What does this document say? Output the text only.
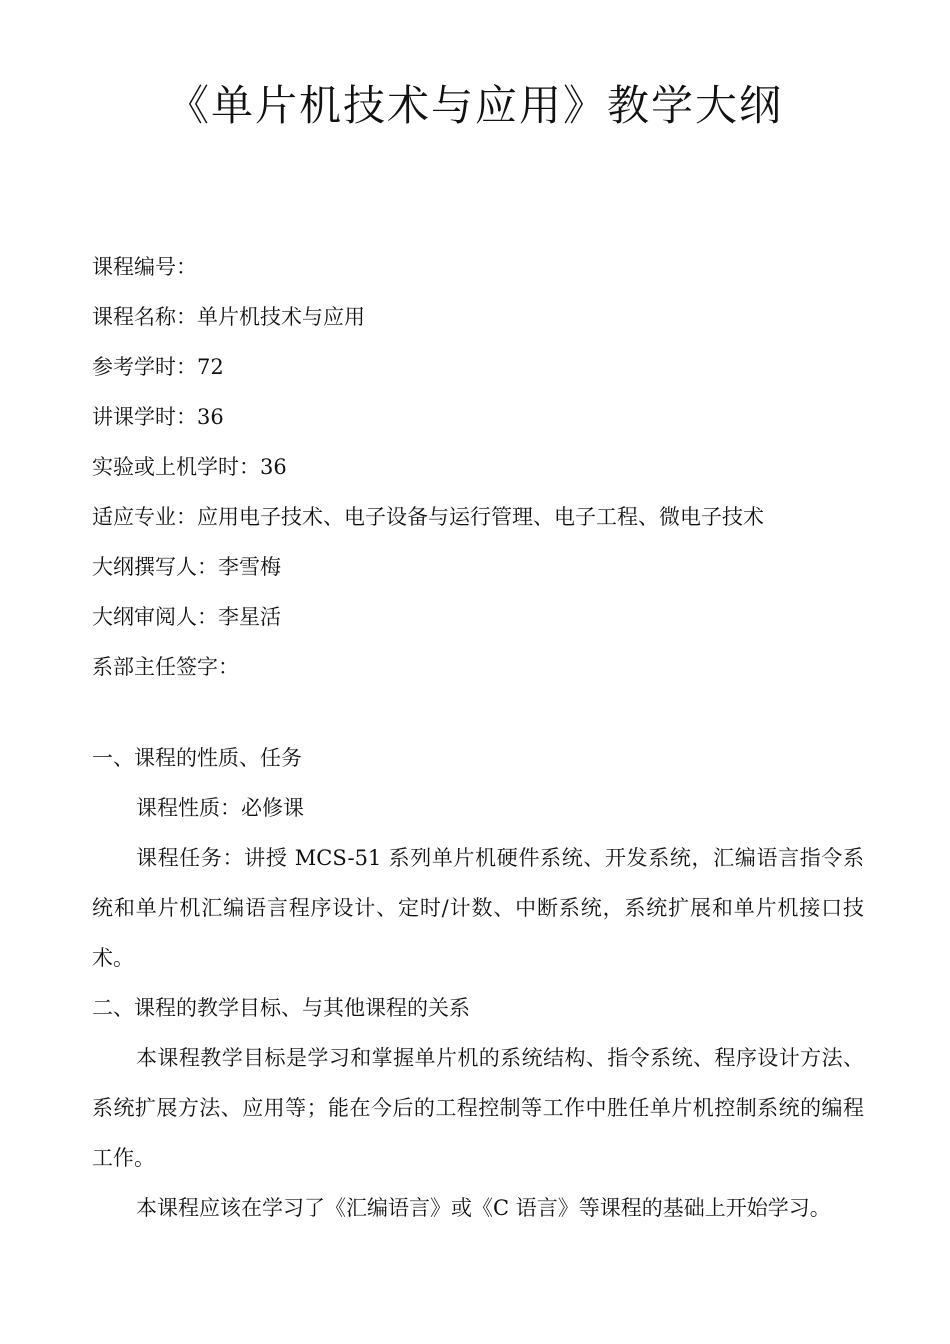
《单片机技术与应用》教学大纲
课程编号：
课程名称：单片机技术与应用
参考学时：72
讲课学时：36
实验或上机学时：36
适应专业：应用电子技术、电子设备与运行管理、电子工程、微电子技术
大纲撰写人：李雪梅
大纲审阅人：李星活
系部主任签字：
一、课程的性质、任务

课程性质：必修课

课程任务：讲授 MCS-51 系列单片机硬件系统、开发系统，汇编语言指令系统和单片机汇编语言程序设计、定时/计数、中断系统，系统扩展和单片机接口技术。

二、课程的教学目标、与其他课程的关系

本课程教学目标是学习和掌握单片机的系统结构、指令系统、程序设计方法、系统扩展方法、应用等；能在今后的工程控制等工作中胜任单片机控制系统的编程工作。

本课程应该在学习了《汇编语言》或《C 语言》等课程的基础上开始学习。
